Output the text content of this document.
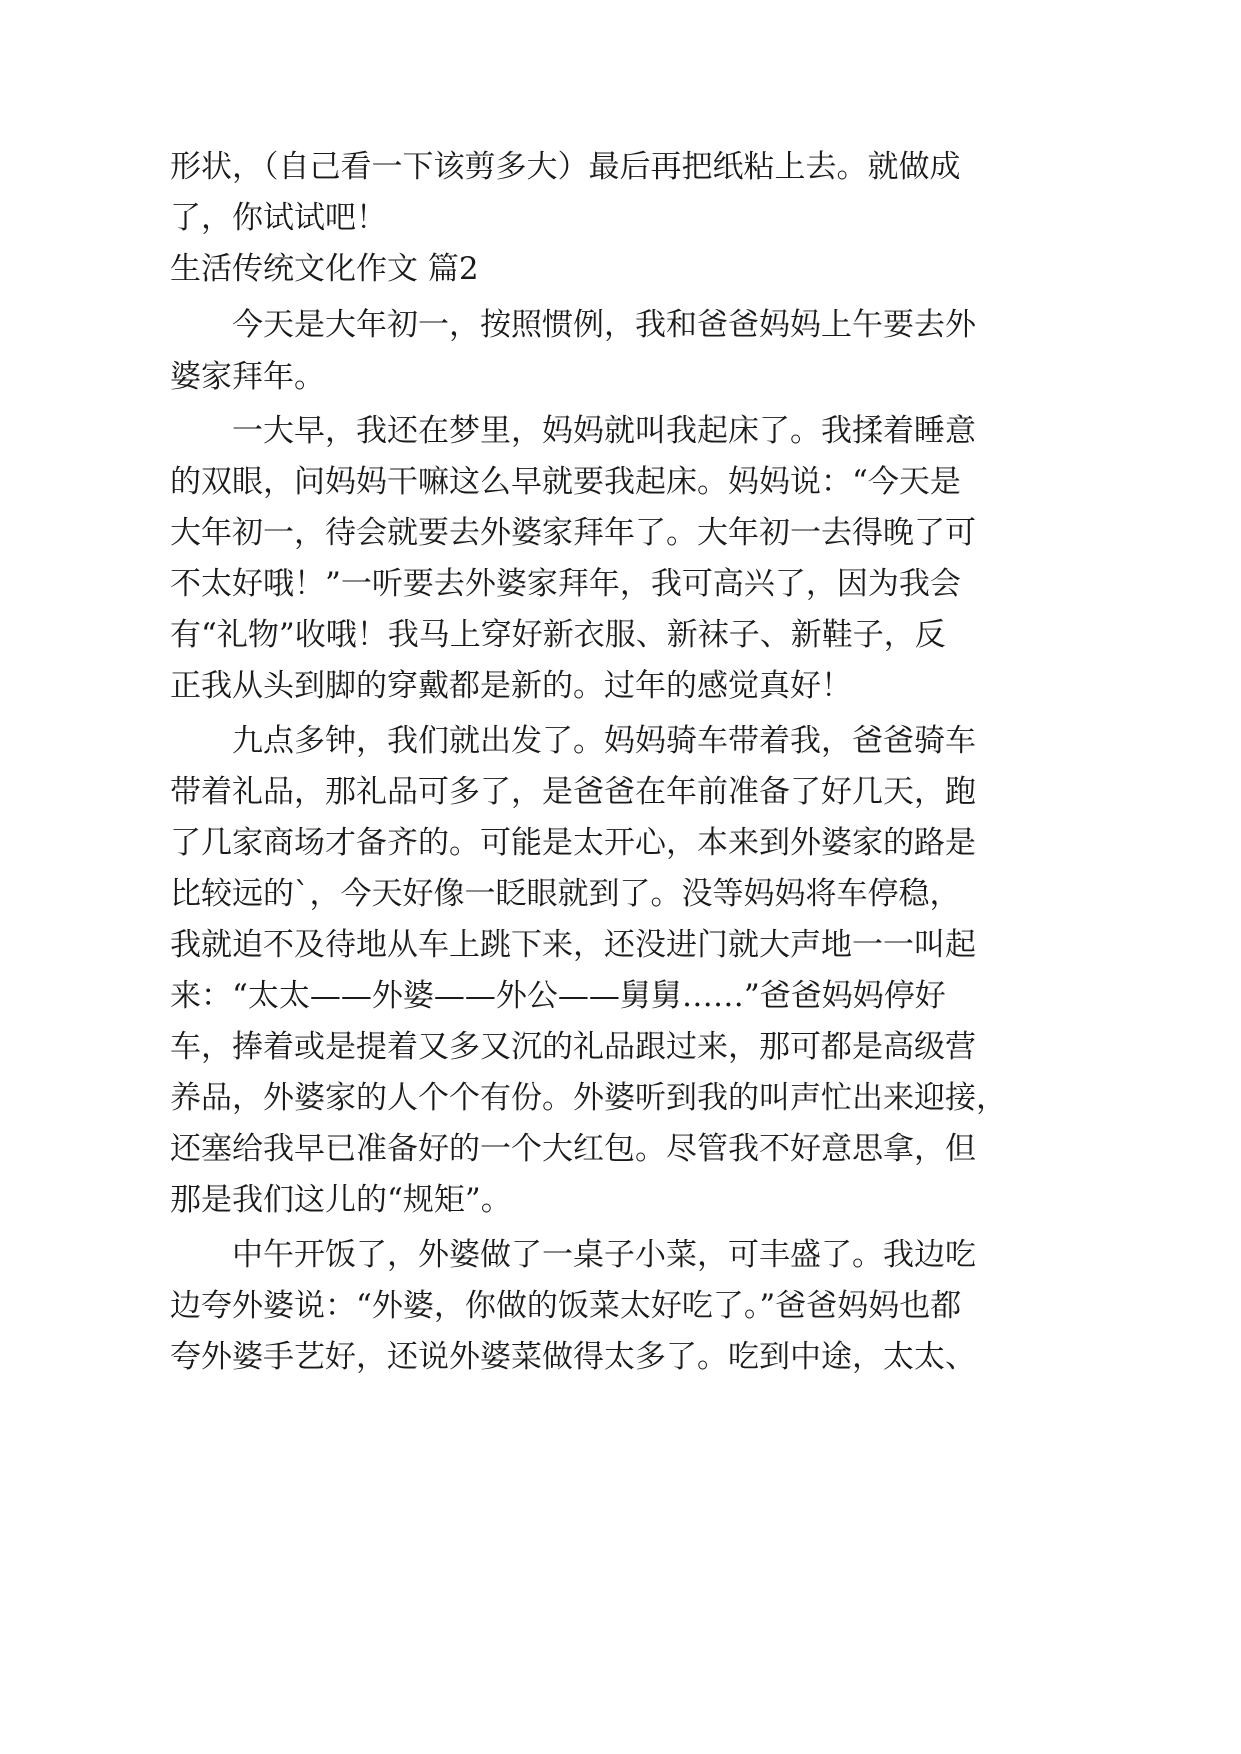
形状，（自己看一下该剪多大）最后再把纸粘上去。就做成
了，你试试吧！
生活传统文化作文 篇2
今天是大年初一，按照惯例，我和爸爸妈妈上午要去外
婆家拜年。
一大早，我还在梦里，妈妈就叫我起床了。我揉着睡意
的双眼，问妈妈干嘛这么早就要我起床。妈妈说：“今天是
大年初一，待会就要去外婆家拜年了。大年初一去得晚了可
不太好哦！”一听要去外婆家拜年，我可高兴了，因为我会
有“礼物”收哦！我马上穿好新衣服、新袜子、新鞋子，反
正我从头到脚的穿戴都是新的。过年的感觉真好！
九点多钟，我们就出发了。妈妈骑车带着我，爸爸骑车
带着礼品，那礼品可多了，是爸爸在年前准备了好几天，跑
了几家商场才备齐的。可能是太开心，本来到外婆家的路是
比较远的`，今天好像一眨眼就到了。没等妈妈将车停稳，
我就迫不及待地从车上跳下来，还没进门就大声地一一叫起
来：“太太——外婆——外公——舅舅……”爸爸妈妈停好
车，捧着或是提着又多又沉的礼品跟过来，那可都是高级营
养品，外婆家的人个个有份。外婆听到我的叫声忙出来迎接，
还塞给我早已准备好的一个大红包。尽管我不好意思拿，但
那是我们这儿的“规矩”。
中午开饭了，外婆做了一桌子小菜，可丰盛了。我边吃
边夸外婆说：“外婆，你做的饭菜太好吃了。”爸爸妈妈也都
夸外婆手艺好，还说外婆菜做得太多了。吃到中途，太太、
